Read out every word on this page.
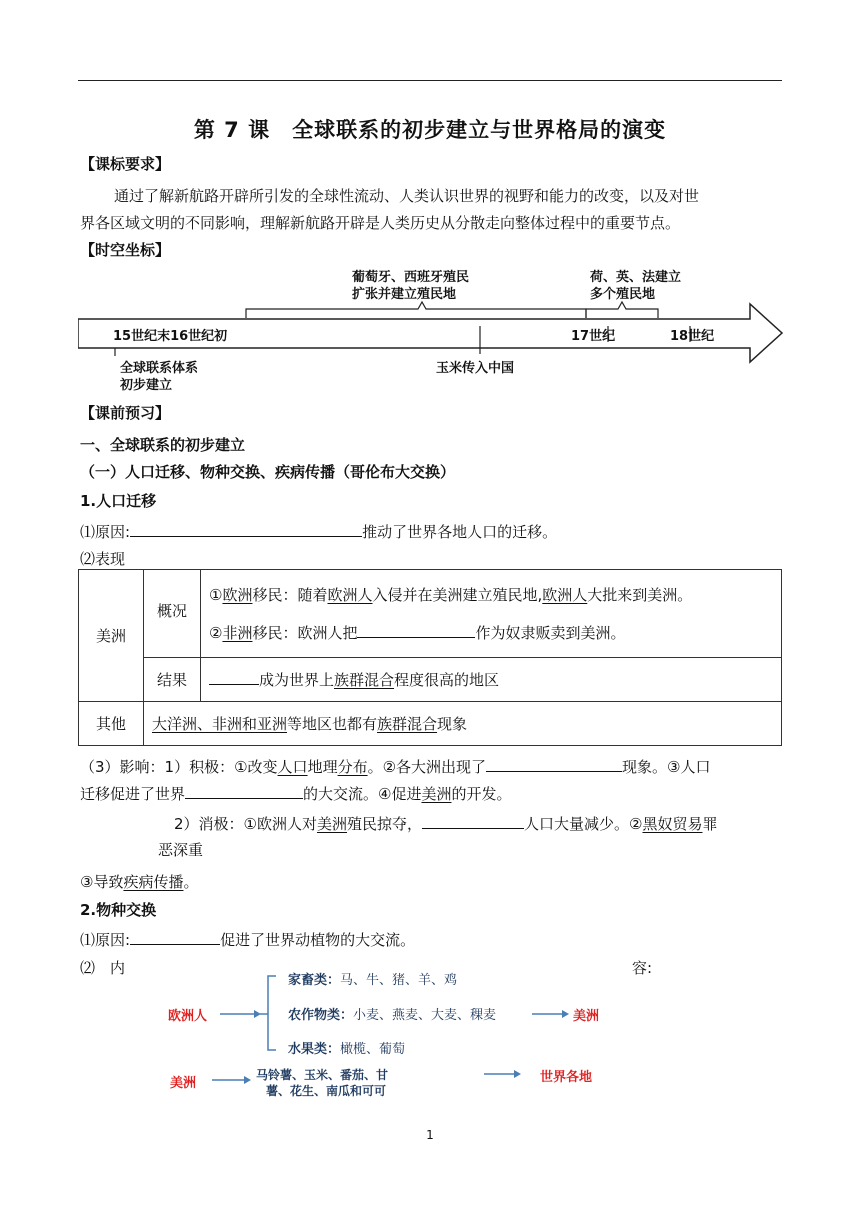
第 7 课　全球联系的初步建立与世界格局的演变
【课标要求】
通过了解新航路开辟所引发的全球性流动、人类认识世界的视野和能力的改变，以及对世
界各区域文明的不同影响，理解新航路开辟是人类历史从分散走向整体过程中的重要节点。
【时空坐标】
葡萄牙、西班牙殖民
扩张并建立殖民地
荷、英、法建立
多个殖民地
15世纪末16世纪初	17世纪	18世纪
全球联系体系
初步建立
玉米传入中国
【课前预习】
一、全球联系的初步建立
（一）人口迁移、物种交换、疾病传播（哥伦布大交换）
1.人口迁移
⑴原因:	推动了世界各地人口的迁移。
⑵表现
美洲	概况	①欧洲移民：随着欧洲人入侵并在美洲建立殖民地,欧洲人大批来到美洲。
②非洲移民：欧洲人把 作为奴隶贩卖到美洲。

	结果	成为世界上族群混合程度很高的地区
其他	大洋洲、非洲和亚洲等地区也都有族群混合现象	
（3）影响：1）积极：①改变人口地理分布。②各大洲出现了	现象。③人口
迁移促进了世界	的大交流。④促进美洲的开发。
2）消极：①欧洲人对美洲殖民掠夺，	人口大量减少。②黑奴贸易罪
恶深重
③导致疾病传播。
2.物种交换
⑴原因:	促进了世界动植物的大交流。
⑵　内	容:
欧洲人
家畜类：马、牛、猪、羊、鸡
农作物类：小麦、燕麦、大麦、稞麦
水果类：橄榄、葡萄
美洲
美洲
马铃薯、玉米、番茄、甘
薯、花生、南瓜和可可
世界各地
1
